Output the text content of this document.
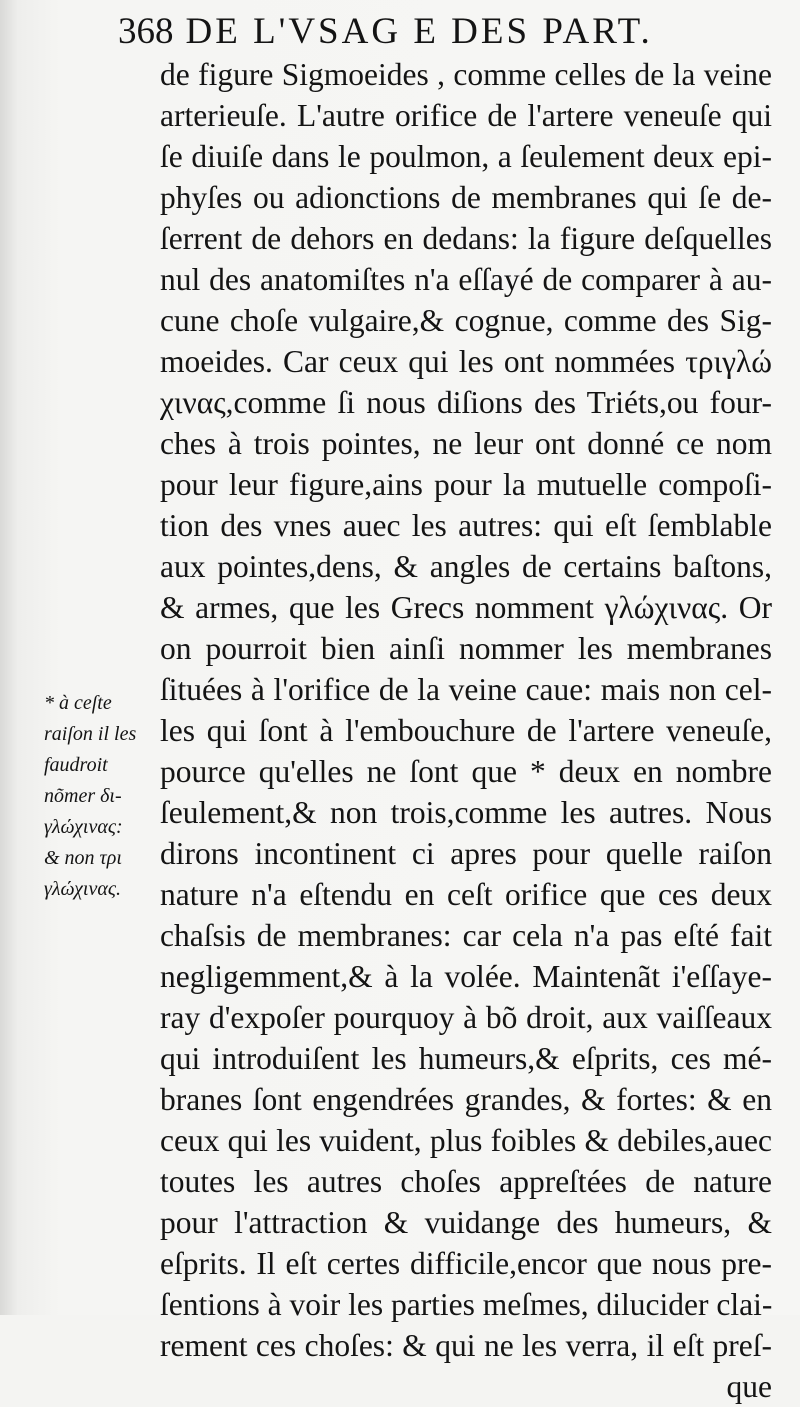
368 DE L'VSAG E DES PART.
* à ceſte
raiſon il les
faudroit
nõmer δι-
γλώχινας:
& non τρι
γλώχινας.
de figure Sigmoeides , comme celles de la veine
arterieuſe. L'autre orifice de l'artere veneuſe qui
ſe diuiſe dans le poulmon, a ſeulement deux epi-
phyſes ou adionctions de membranes qui ſe de-
ſerrent de dehors en dedans: la figure deſquelles
nul des anatomiſtes n'a eſſayé de comparer à au-
cune choſe vulgaire,& cognue, comme des Sig-
moeides. Car ceux qui les ont nommées τριγλώ
χινας,comme ſi nous diſions des Triéts,ou four-
ches à trois pointes, ne leur ont donné ce nom
pour leur figure,ains pour la mutuelle compoſi-
tion des vnes auec les autres: qui eſt ſemblable
aux pointes,dens, & angles de certains baſtons,
& armes, que les Grecs nomment γλώχινας. Or
on pourroit bien ainſi nommer les membranes
ſituées à l'orifice de la veine caue: mais non cel-
les qui ſont à l'embouchure de l'artere veneuſe,
pource qu'elles ne ſont que * deux en nombre
ſeulement,& non trois,comme les autres. Nous
dirons incontinent ci apres pour quelle raiſon
nature n'a eſtendu en ceſt orifice que ces deux
chaſsis de membranes: car cela n'a pas eſté fait
negligemment,& à la volée. Maintenãt i'eſſaye-
ray d'expoſer pourquoy à bõ droit, aux vaiſſeaux
qui introduiſent les humeurs,& eſprits, ces mé-
branes ſont engendrées grandes, & fortes: & en
ceux qui les vuident, plus foibles & debiles,auec
toutes les autres choſes appreſtées de nature
pour l'attraction & vuidange des humeurs, &
eſprits. Il eſt certes difficile,encor que nous pre-
ſentions à voir les parties meſmes, dilucider clai-
rement ces choſes: & qui ne les verra, il eſt preſ-
que
